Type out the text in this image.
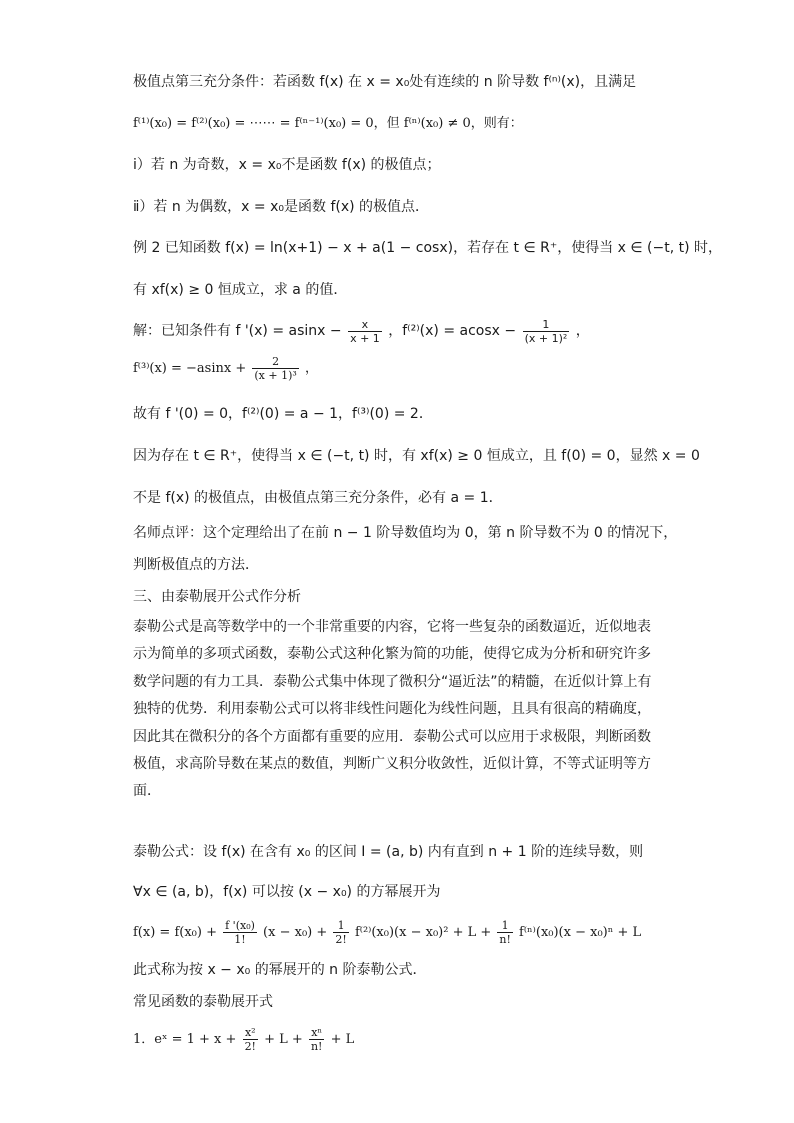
极值点第三充分条件：若函数 f(x) 在 x = x₀处有连续的 n 阶导数 f⁽ⁿ⁾(x)，且满足
f⁽¹⁾(x₀) = f⁽²⁾(x₀) = ⋯⋯ = f⁽ⁿ⁻¹⁾(x₀) = 0，但 f⁽ⁿ⁾(x₀) ≠ 0，则有：
ⅰ）若 n 为奇数，x = x₀不是函数 f(x) 的极值点；
ⅱ）若 n 为偶数，x = x₀是函数 f(x) 的极值点．
例 2 已知函数 f(x) = ln(x+1) − x + a(1 − cosx)，若存在 t ∈ R⁺，使得当 x ∈ (−t, t) 时，
有 xf(x) ≥ 0 恒成立，求 a 的值．
解：已知条件有 f '$(x) = asinx - \frac{x}{x + 1}$ ，$f^{(2)}(x) = acosx - \frac{1}{\text{(x + 1)²}}$ ，
$f^{(3)}(x) = -asinx + \frac{2}{\text{(x + 1)³}}$ ，
故有 f '(0) = 0，f⁽²⁾(0) = a − 1，f⁽³⁾(0) = 2．
因为存在 t ∈ R⁺，使得当 x ∈ (−t, t) 时，有 xf(x) ≥ 0 恒成立，且 f(0) = 0，显然 x = 0
不是 f(x) 的极值点，由极值点第三充分条件，必有 a = 1．
名师点评：这个定理给出了在前 n − 1 阶导数值均为 0，第 n 阶导数不为 0 的情况下，
判断极值点的方法．
三、由泰勒展开公式作分析
泰勒公式是高等数学中的一个非常重要的内容，它将一些复杂的函数逼近，近似地表
示为简单的多项式函数，泰勒公式这种化繁为简的功能，使得它成为分析和研究许多
数学问题的有力工具．泰勒公式集中体现了微积分“逼近法”的精髓，在近似计算上有
独特的优势．利用泰勒公式可以将非线性问题化为线性问题，且具有很高的精确度，
因此其在微积分的各个方面都有重要的应用．泰勒公式可以应用于求极限，判断函数
极值，求高阶导数在某点的数值，判断广义积分收敛性，近似计算，不等式证明等方
面．
泰勒公式：设 f(x) 在含有 x₀ 的区间 I = (a, b) 内有直到 n + 1 阶的连续导数，则
∀x ∈ (a, b)，f(x) 可以按 (x − x₀) 的方幂展开为
$f(x) = f(x_0) + \frac{\text{f '(x₀)}}{1!} (x - x_0) + \frac{1}{2!} f^{(2)}(x_0)(x - x_0)^2 + L + \frac{1}{n!} f^{(n)}(x_0)(x - x_0)^n + L$
此式称为按 x − x₀ 的幂展开的 n 阶泰勒公式．
常见函数的泰勒展开式
1．eˣ = $1 + x + \frac{\text{x²}}{2!} + L + \frac{\text{xⁿ}}{n!} + L$
